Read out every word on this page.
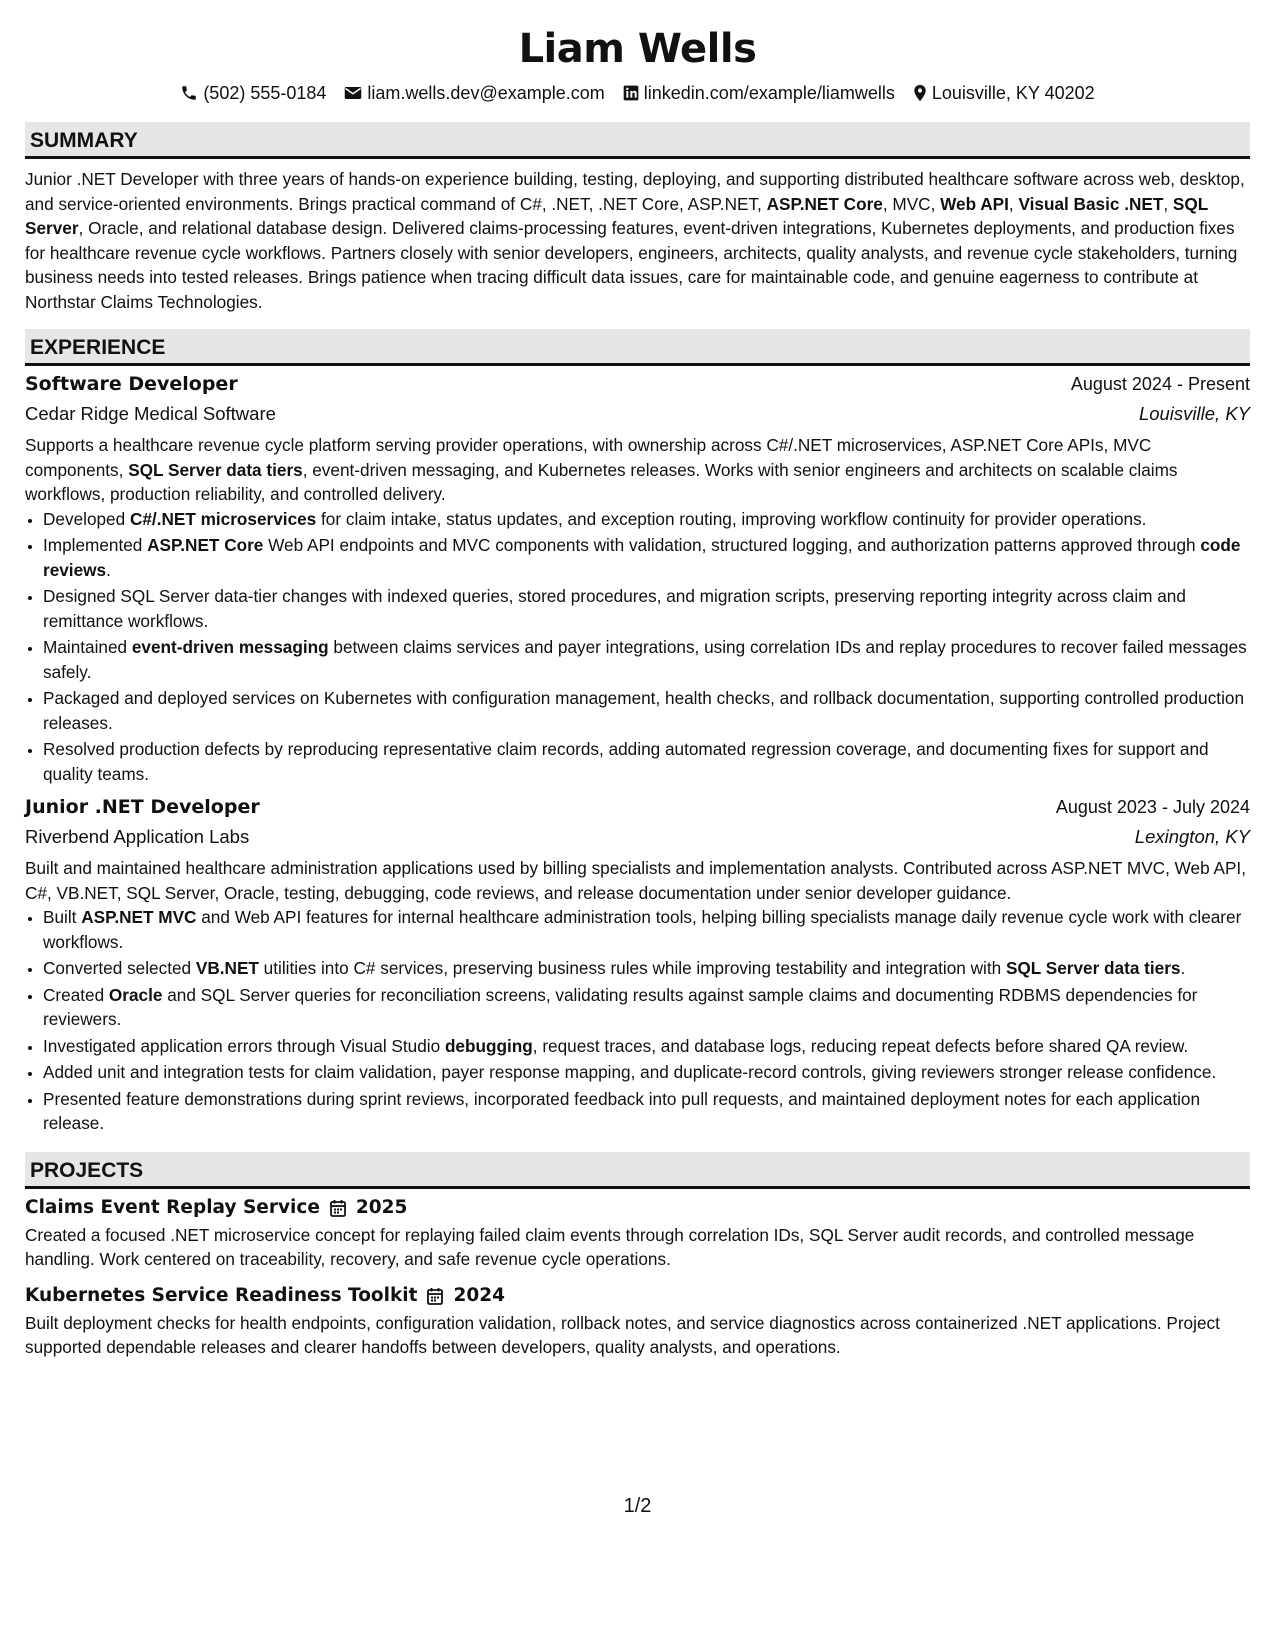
Liam Wells
(502) 555-0184 liam.wells.dev@example.com linkedin.com/example/liamwells Louisville, KY 40202
SUMMARY

Junior .NET Developer with three years of hands-on experience building, testing, deploying, and supporting distributed healthcare software across web, desktop, and service-oriented environments. Brings practical command of C#, .NET, .NET Core, ASP.NET, ASP.NET Core, MVC, Web API, Visual Basic .NET, SQL Server, Oracle, and relational database design. Delivered claims-processing features, event-driven integrations, Kubernetes deployments, and production fixes for healthcare revenue cycle workflows. Partners closely with senior developers, engineers, architects, quality analysts, and revenue cycle stakeholders, turning business needs into tested releases. Brings patience when tracing difficult data issues, care for maintainable code, and genuine eagerness to contribute at Northstar Claims Technologies.

EXPERIENCE
Software Developer	August 2024 - Present
Cedar Ridge Medical Software	Louisville, KY

Supports a healthcare revenue cycle platform serving provider operations, with ownership across C#/.NET microservices, ASP.NET Core APIs, MVC components, SQL Server data tiers, event-driven messaging, and Kubernetes releases. Works with senior engineers and architects on scalable claims workflows, production reliability, and controlled delivery.

• Developed C#/.NET microservices for claim intake, status updates, and exception routing, improving workflow continuity for provider operations.
• Implemented ASP.NET Core Web API endpoints and MVC components with validation, structured logging, and authorization patterns approved through code reviews.
• Designed SQL Server data-tier changes with indexed queries, stored procedures, and migration scripts, preserving reporting integrity across claim and remittance workflows.
• Maintained event-driven messaging between claims services and payer integrations, using correlation IDs and replay procedures to recover failed messages safely.
• Packaged and deployed services on Kubernetes with configuration management, health checks, and rollback documentation, supporting controlled production releases.
• Resolved production defects by reproducing representative claim records, adding automated regression coverage, and documenting fixes for support and quality teams.
Junior .NET Developer	August 2023 - July 2024
Riverbend Application Labs	Lexington, KY

Built and maintained healthcare administration applications used by billing specialists and implementation analysts. Contributed across ASP.NET MVC, Web API, C#, VB.NET, SQL Server, Oracle, testing, debugging, code reviews, and release documentation under senior developer guidance.

• Built ASP.NET MVC and Web API features for internal healthcare administration tools, helping billing specialists manage daily revenue cycle work with clearer workflows.
• Converted selected VB.NET utilities into C# services, preserving business rules while improving testability and integration with SQL Server data tiers.
• Created Oracle and SQL Server queries for reconciliation screens, validating results against sample claims and documenting RDBMS dependencies for reviewers.
• Investigated application errors through Visual Studio debugging, request traces, and database logs, reducing repeat defects before shared QA review.
• Added unit and integration tests for claim validation, payer response mapping, and duplicate-record controls, giving reviewers stronger release confidence.
• Presented feature demonstrations during sprint reviews, incorporated feedback into pull requests, and maintained deployment notes for each application release.
PROJECTS
Claims Event Replay Service 2025

Created a focused .NET microservice concept for replaying failed claim events through correlation IDs, SQL Server audit records, and controlled message handling. Work centered on traceability, recovery, and safe revenue cycle operations.

Kubernetes Service Readiness Toolkit 2024

Built deployment checks for health endpoints, configuration validation, rollback notes, and service diagnostics across containerized .NET applications. Project supported dependable releases and clearer handoffs between developers, quality analysts, and operations.

1/2
